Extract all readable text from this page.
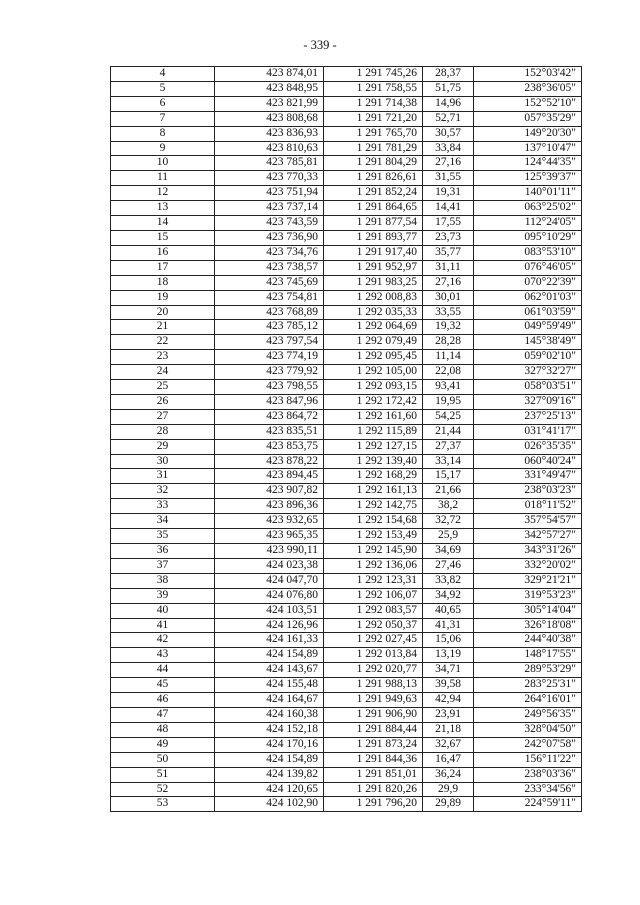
- 339 -
4	423 874,01	1 291 745,26	28,37	152°03'42"
5	423 848,95	1 291 758,55	51,75	238°36'05"
6	423 821,99	1 291 714,38	14,96	152°52'10"
7	423 808,68	1 291 721,20	52,71	057°35'29"
8	423 836,93	1 291 765,70	30,57	149°20'30"
9	423 810,63	1 291 781,29	33,84	137°10'47"
10	423 785,81	1 291 804,29	27,16	124°44'35"
11	423 770,33	1 291 826,61	31,55	125°39'37"
12	423 751,94	1 291 852,24	19,31	140°01'11"
13	423 737,14	1 291 864,65	14,41	063°25'02"
14	423 743,59	1 291 877,54	17,55	112°24'05"
15	423 736,90	1 291 893,77	23,73	095°10'29"
16	423 734,76	1 291 917,40	35,77	083°53'10"
17	423 738,57	1 291 952,97	31,11	076°46'05"
18	423 745,69	1 291 983,25	27,16	070°22'39"
19	423 754,81	1 292 008,83	30,01	062°01'03"
20	423 768,89	1 292 035,33	33,55	061°03'59"
21	423 785,12	1 292 064,69	19,32	049°59'49"
22	423 797,54	1 292 079,49	28,28	145°38'49"
23	423 774,19	1 292 095,45	11,14	059°02'10"
24	423 779,92	1 292 105,00	22,08	327°32'27"
25	423 798,55	1 292 093,15	93,41	058°03'51"
26	423 847,96	1 292 172,42	19,95	327°09'16"
27	423 864,72	1 292 161,60	54,25	237°25'13"
28	423 835,51	1 292 115,89	21,44	031°41'17"
29	423 853,75	1 292 127,15	27,37	026°35'35"
30	423 878,22	1 292 139,40	33,14	060°40'24"
31	423 894,45	1 292 168,29	15,17	331°49'47"
32	423 907,82	1 292 161,13	21,66	238°03'23"
33	423 896,36	1 292 142,75	38,2	018°11'52"
34	423 932,65	1 292 154,68	32,72	357°54'57"
35	423 965,35	1 292 153,49	25,9	342°57'27"
36	423 990,11	1 292 145,90	34,69	343°31'26"
37	424 023,38	1 292 136,06	27,46	332°20'02"
38	424 047,70	1 292 123,31	33,82	329°21'21"
39	424 076,80	1 292 106,07	34,92	319°53'23"
40	424 103,51	1 292 083,57	40,65	305°14'04"
41	424 126,96	1 292 050,37	41,31	326°18'08"
42	424 161,33	1 292 027,45	15,06	244°40'38"
43	424 154,89	1 292 013,84	13,19	148°17'55"
44	424 143,67	1 292 020,77	34,71	289°53'29"
45	424 155,48	1 291 988,13	39,58	283°25'31"
46	424 164,67	1 291 949,63	42,94	264°16'01"
47	424 160,38	1 291 906,90	23,91	249°56'35"
48	424 152,18	1 291 884,44	21,18	328°04'50"
49	424 170,16	1 291 873,24	32,67	242°07'58"
50	424 154,89	1 291 844,36	16,47	156°11'22"
51	424 139,82	1 291 851,01	36,24	238°03'36"
52	424 120,65	1 291 820,26	29,9	233°34'56"
53	424 102,90	1 291 796,20	29,89	224°59'11"
